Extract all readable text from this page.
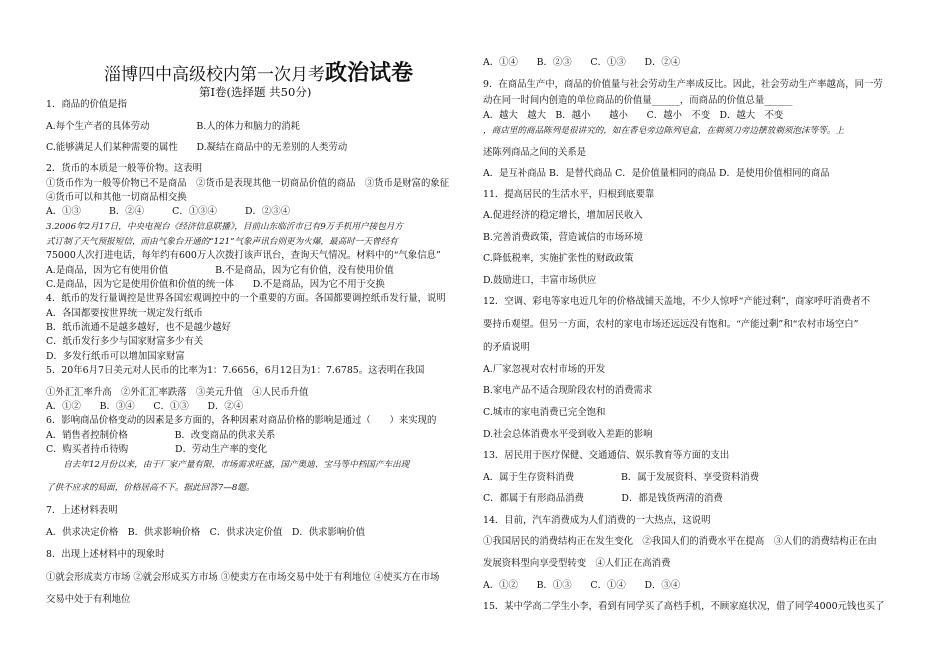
淄博四中高级校内第一次月考政治试卷
第Ⅰ卷(选择题 共50分)
1．商品的价值是指
A.每个生产者的具体劳动　　　　　B.人的体力和脑力的消耗
C.能够满足人们某种需要的属性　　D.凝结在商品中的无差别的人类劳动
2．货币的本质是一般等价物。这表明
①货币作为一般等价物已不是商品　②货币是表现其他一切商品价值的商品　③货币是财富的象征
④货币可以和其他一切商品相交换
A．①③　　　B．②④　　　C．①③④　　　D．②③④
3.2006年2月17日，中央电视台《经济信息联播》，目前山东临沂市已有9万手机用户接包月方
式订制了天气预报短信，而由气象台开通的“121”气象声讯台则更为火爆，最高时一天曾经有
75000人次打进电话，每年约有600万人次拨打该声讯台，查询天气情况。材料中的“气象信息”
A.是商品，因为它有使用价值　　　　　B.不是商品，因为它有价值，没有使用价值
C.是商品，因为它是使用价值和价值的统一体　　D.不是商品，因为它不用于交换
4．纸币的发行量调控是世界各国宏观调控中的一个重要的方面。各国都要调控纸币发行量，说明
A．各国都要按世界统一规定发行纸币
B．纸币流通不是越多越好，也不是越少越好
C．纸币发行多少与国家财富多少有关
D．多发行纸币可以增加国家财富
5．20年6月7日美元对人民币的比率为1：7.6656，6月12日为1：7.6785。这表明在我国
①外汇汇率升高　②外汇汇率跌落　③美元升值　④人民币升值
A．①②　　B．③④　　C．①③　　D．②④
6．影响商品价格变动的因素是多方面的，各种因素对商品价格的影响是通过（　　）来实现的
A．销售者控制价格　　　　　B．改变商品的供求关系
C．购买者持币待购　　　　　D．劳动生产率的变化
　　自去年12月份以来，由于厂家产量有限，市场需求旺盛，国产奥迪、宝马等中档国产车出现
了供不应求的局面，价格居高不下。据此回答7—8题。
7．上述材料表明
A．供求决定价格　B．供求影响价格　C．供求决定价值　D．供求影响价值
8．出现上述材料中的现象时
①就会形成卖方市场 ②就会形成买方市场 ③使卖方在市场交易中处于有利地位 ④使买方在市场
交易中处于有利地位
A．①④　　B．②③　　C．①③　　D．②④
9．在商品生产中，商品的价值量与社会劳动生产率成反比。因此，社会劳动生产率越高，同一劳
动在同一时间内创造的单位商品的价值量______，而商品的价值总量______
A．越大　越大　B．越小　　越小　　C．越小　不变　D．越大　不变
，商店里的商品陈列是很讲究的，如在香皂旁边陈列皂盒，在剃须刀旁边摆放剃须泡沫等等。上
述陈列商品之间的关系是
A．是互补商品 B．是替代商品 C．是价值量相同的商品 D．是使用价值相同的商品
11．提高居民的生活水平，归根到底要靠
A.促进经济的稳定增长，增加居民收入
B.完善消费政策，营造诚信的市场环境
C.降低税率，实施扩张性的财政政策
D.鼓励进口，丰富市场供应
12．空调、彩电等家电近几年的价格战铺天盖地，不少人惊呼“产能过剩”，商家呼吁消费者不
要持币观望。但另一方面，农村的家电市场还远远没有饱和。“产能过剩”和“农村市场空白”
的矛盾说明
A.厂家忽视对农村市场的开发
B.家电产品不适合现阶段农村的消费需求
C.城市的家电消费已完全饱和
D.社会总体消费水平受到收入差距的影响
13．居民用于医疗保健、交通通信、娱乐教育等方面的支出
A．属于生存资料消费　　　　　B．属于发展资料、享受资料消费
C．都属于有形商品消费　　　　D．都是钱货两清的消费
14．目前，汽车消费成为人们消费的一大热点，这说明
①我国居民的消费结构正在发生变化　②我国人们的消费水平在提高　③人们的消费结构正在由
发展资料型向享受型转变　④人们正在高消费
A．①②　　B．①③　　C．①④　　D．③④
15．某中学高二学生小李，看到有同学买了高档手机，不顾家庭状况，借了同学4000元钱也买了
